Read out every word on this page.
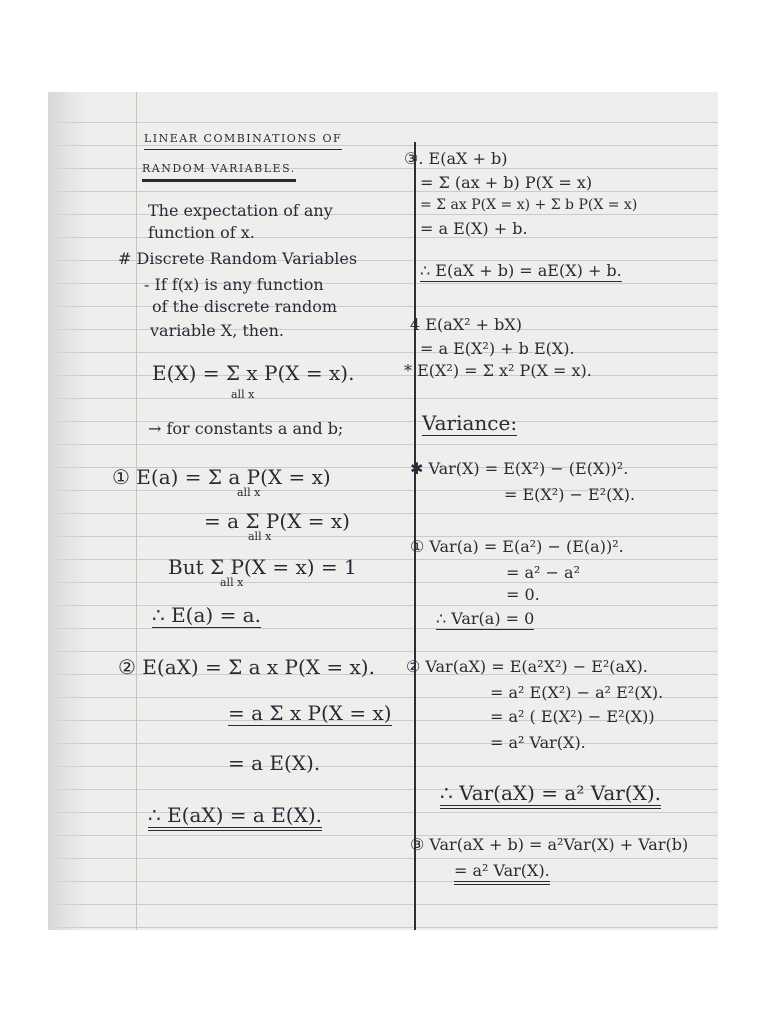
LINEAR COMBINATIONS OF
RANDOM VARIABLES.
The expectation of any
function of x.
# Discrete Random Variables
- If f(x) is any function
of the discrete random
variable X, then.
E(X) = Σ x P(X = x).
all x
→ for constants a and b;
① E(a) = Σ a P(X = x)
all x
= a Σ P(X = x)
all x
But Σ P(X = x) = 1
all x
∴ E(a) = a.
② E(aX) = Σ a x P(X = x).
= a Σ x P(X = x)
= a E(X).
∴ E(aX) = a E(X).
③. E(aX + b)
= Σ (ax + b) P(X = x)
= Σ ax P(X = x) + Σ b P(X = x)
= a E(X) + b.
∴ E(aX + b) = aE(X) + b.
4 E(aX² + bX)
= a E(X²) + b E(X).
* E(X²) = Σ x² P(X = x).
Variance:
✱ Var(X) = E(X²) − (E(X))².
= E(X²) − E²(X).
① Var(a) = E(a²) − (E(a))².
= a² − a²
= 0.
∴ Var(a) = 0
② Var(aX) = E(a²X²) − E²(aX).
= a² E(X²) − a² E²(X).
= a² ( E(X²) − E²(X))
= a² Var(X).
∴ Var(aX) = a² Var(X).
③ Var(aX + b) = a²Var(X) + Var(b)
= a² Var(X).
